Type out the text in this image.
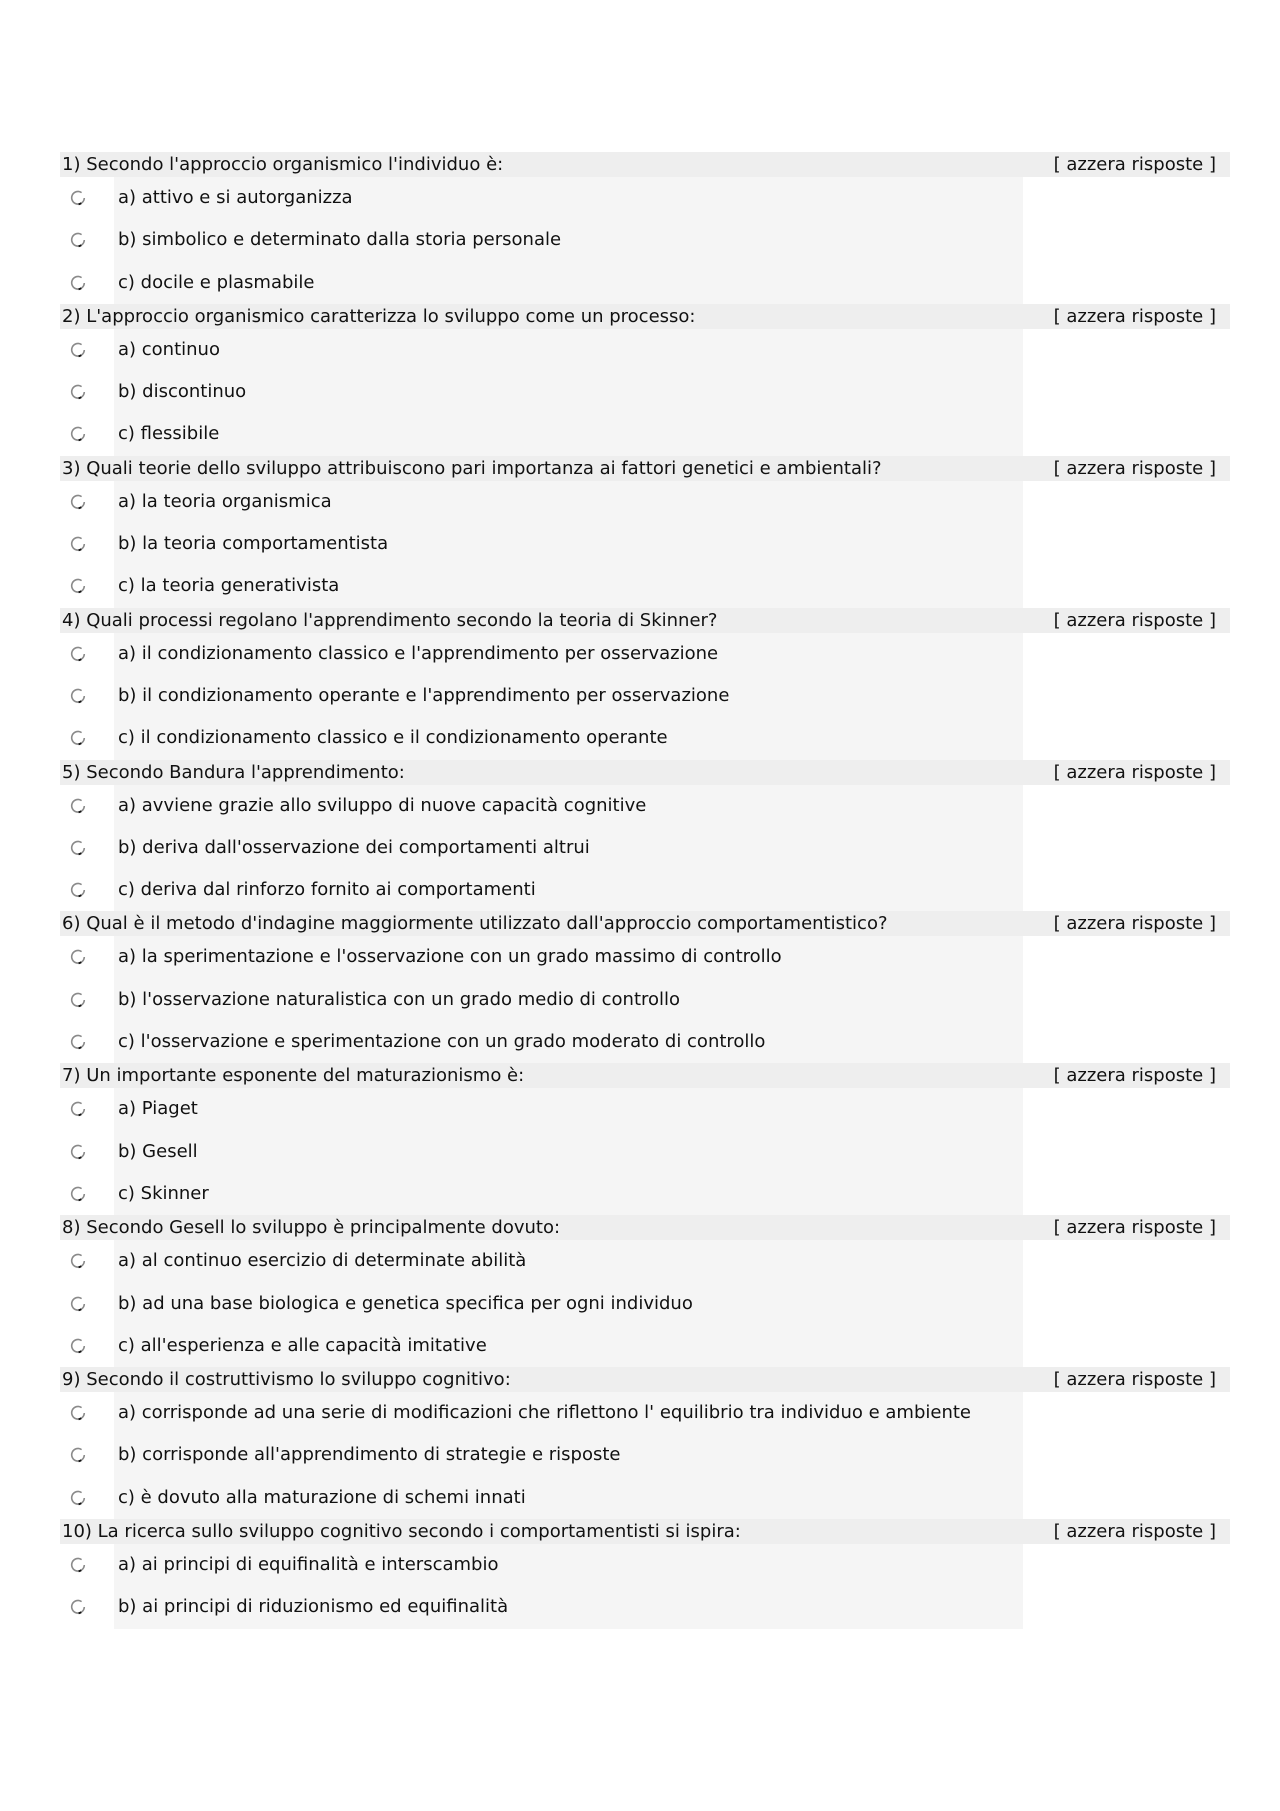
1) Secondo l'approccio organismico l'individuo è:	[ azzera risposte ]
a) attivo e si autorganizza
b) simbolico e determinato dalla storia personale
c) docile e plasmabile
2) L'approccio organismico caratterizza lo sviluppo come un processo:	[ azzera risposte ]
a) continuo
b) discontinuo
c) flessibile
3) Quali teorie dello sviluppo attribuiscono pari importanza ai fattori genetici e ambientali?	[ azzera risposte ]
a) la teoria organismica
b) la teoria comportamentista
c) la teoria generativista
4) Quali processi regolano l'apprendimento secondo la teoria di Skinner?	[ azzera risposte ]
a) il condizionamento classico e l'apprendimento per osservazione
b) il condizionamento operante e l'apprendimento per osservazione
c) il condizionamento classico e il condizionamento operante
5) Secondo Bandura l'apprendimento:	[ azzera risposte ]
a) avviene grazie allo sviluppo di nuove capacità cognitive
b) deriva dall'osservazione dei comportamenti altrui
c) deriva dal rinforzo fornito ai comportamenti
6) Qual è il metodo d'indagine maggiormente utilizzato dall'approccio comportamentistico?	[ azzera risposte ]
a) la sperimentazione e l'osservazione con un grado massimo di controllo
b) l'osservazione naturalistica con un grado medio di controllo
c) l'osservazione e sperimentazione con un grado moderato di controllo
7) Un importante esponente del maturazionismo è:	[ azzera risposte ]
a) Piaget
b) Gesell
c) Skinner
8) Secondo Gesell lo sviluppo è principalmente dovuto:	[ azzera risposte ]
a) al continuo esercizio di determinate abilità
b) ad una base biologica e genetica specifica per ogni individuo
c) all'esperienza e alle capacità imitative
9) Secondo il costruttivismo lo sviluppo cognitivo:	[ azzera risposte ]
a) corrisponde ad una serie di modificazioni che riflettono l' equilibrio tra individuo e ambiente
b) corrisponde all'apprendimento di strategie e risposte
c) è dovuto alla maturazione di schemi innati
10) La ricerca sullo sviluppo cognitivo secondo i comportamentisti si ispira:	[ azzera risposte ]
a) ai principi di equifinalità e interscambio
b) ai principi di riduzionismo ed equifinalità
